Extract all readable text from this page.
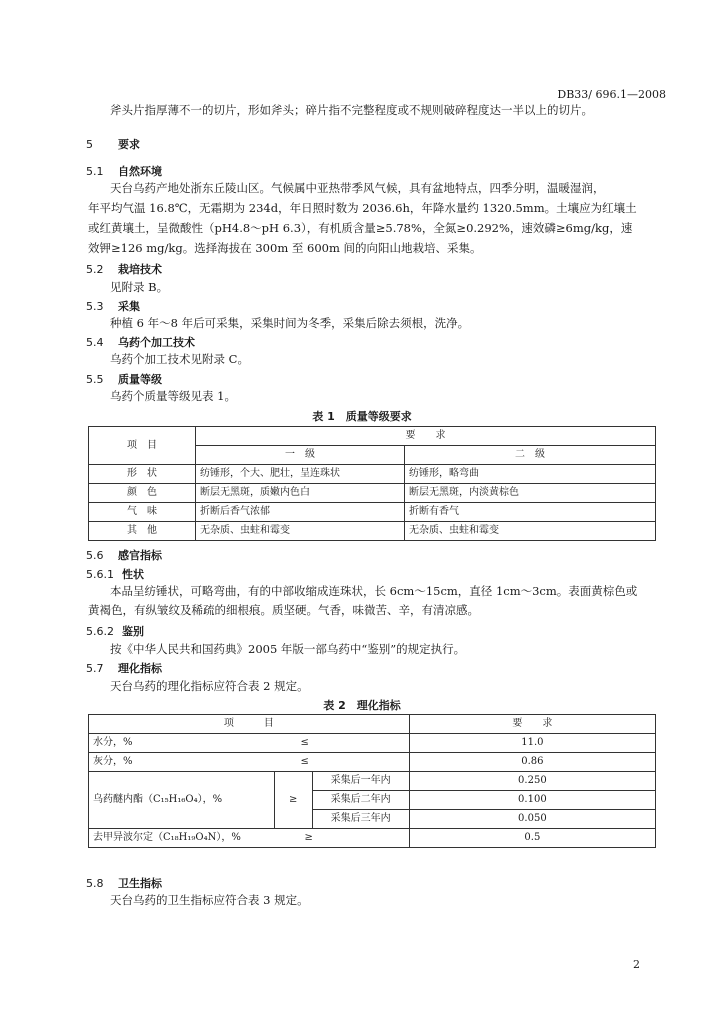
DB33/ 696.1—2008
斧头片指厚薄不一的切片，形如斧头；碎片指不完整程度或不规则破碎程度达一半以上的切片。
5 要求
5.1 自然环境
天台乌药产地处浙东丘陵山区。气候属中亚热带季风气候，具有盆地特点，四季分明，温暖湿润，
年平均气温 16.8℃，无霜期为 234d，年日照时数为 2036.6h，年降水量约 1320.5mm。土壤应为红壤土
或红黄壤土，呈微酸性（pH4.8～pH 6.3），有机质含量≥5.78%，全氮≥0.292%，速效磷≥6mg/kg，速
效钾≥126 mg/kg。选择海拔在 300m 至 600m 间的向阳山地栽培、采集。
5.2 栽培技术
见附录 B。
5.3 采集
种植 6 年～8 年后可采集，采集时间为冬季，采集后除去须根，洗净。
5.4 乌药个加工技术
乌药个加工技术见附录 C。
5.5 质量等级
乌药个质量等级见表 1。
表 1　质量等级要求
项　目	要　　求	
	一　级	二　级
形　状	纺锤形，个大、肥壮，呈连珠状	纺锤形，略弯曲
颜　色	断层无黑斑，质嫩内色白	断层无黑斑，内淡黄棕色
气　味	折断后香气浓郁	折断有香气
其　他	无杂质、虫蛀和霉变	无杂质、虫蛀和霉变
5.6 感官指标
5.6.1 性状
本品呈纺锤状，可略弯曲，有的中部收缩成连珠状，长 6cm～15cm，直径 1cm～3cm。表面黄棕色或
黄褐色，有纵皱纹及稀疏的细根痕。质坚硬。气香，味微苦、辛，有清凉感。
5.6.2 鉴别
按《中华人民共和国药典》2005 年版一部乌药中“鉴别”的规定执行。
5.7 理化指标
天台乌药的理化指标应符合表 2 规定。
表 2　理化指标
项　　　目			要　　求
水分，% ≤			11.0
灰分，% ≤			0.86
乌药醚内酯（C₁₅H₁₆O₄），%	≥	采集后一年内	0.250
		采集后二年内	0.100
		采集后三年内	0.050
去甲异波尔定（C₁₈H₁₉O₄N），% ≥			0.5
5.8 卫生指标
天台乌药的卫生指标应符合表 3 规定。
2
